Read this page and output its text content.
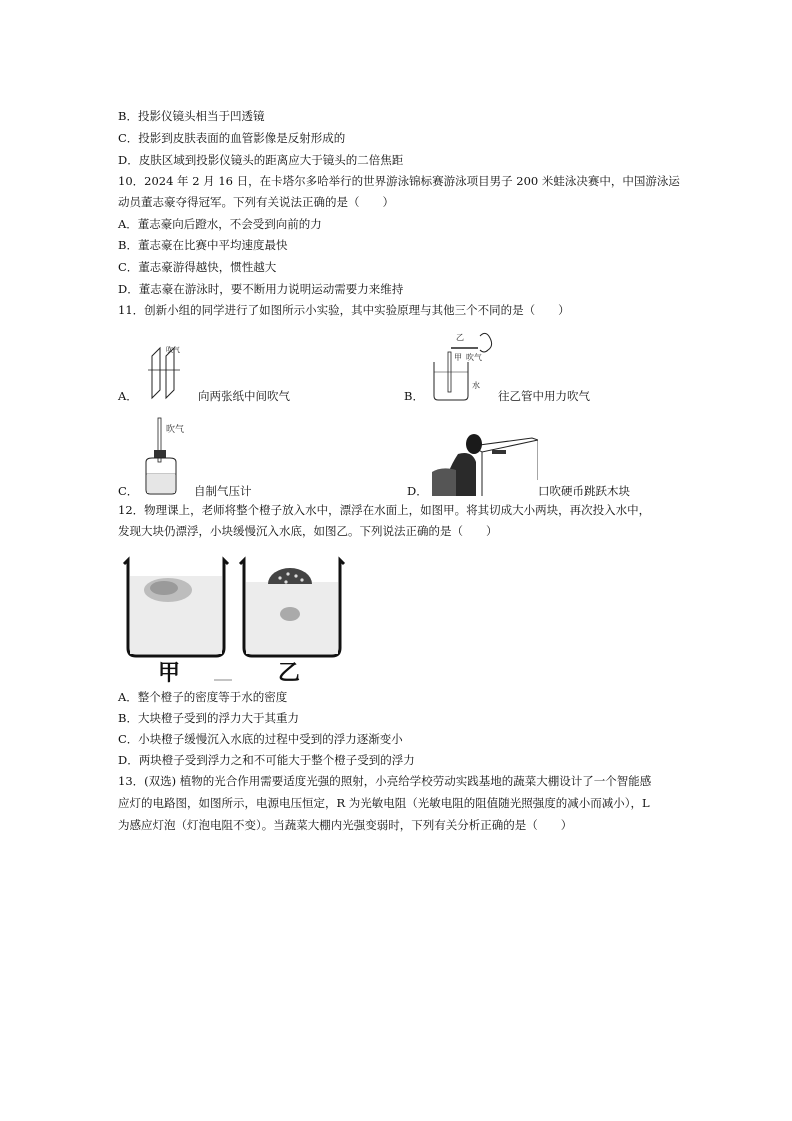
B．投影仪镜头相当于凹透镜
C．投影到皮肤表面的血管影像是反射形成的
D．皮肤区域到投影仪镜头的距离应大于镜头的二倍焦距
10．2024 年 2 月 16 日，在卡塔尔多哈举行的世界游泳锦标赛游泳项目男子 200 米蛙泳决赛中，中国游泳运
动员董志豪夺得冠军。下列有关说法正确的是（　　）
A．董志豪向后蹬水，不会受到向前的力
B．董志豪在比赛中平均速度最快
C．董志豪游得越快，惯性越大
D．董志豪在游泳时，要不断用力说明运动需要力来维持
11．创新小组的同学进行了如图所示小实验，其中实验原理与其他三个不同的是（　　）
吹气
A．	向两张纸中间吹气
乙
甲 吹气
水
B．	往乙管中用力吹气
吹气
C．	自制气压计	D．	口吹硬币跳跃木块
12．物理课上，老师将整个橙子放入水中，漂浮在水面上，如图甲。将其切成大小两块，再次投入水中，
发现大块仍漂浮，小块缓慢沉入水底，如图乙。下列说法正确的是（　　）
甲	乙
A．整个橙子的密度等于水的密度
B．大块橙子受到的浮力大于其重力
C．小块橙子缓慢沉入水底的过程中受到的浮力逐渐变小
D．两块橙子受到浮力之和不可能大于整个橙子受到的浮力
13．(双选) 植物的光合作用需要适度光强的照射，小亮给学校劳动实践基地的蔬菜大棚设计了一个智能感
应灯的电路图，如图所示，电源电压恒定，R 为光敏电阻（光敏电阻的阻值随光照强度的减小而减小），L
为感应灯泡（灯泡电阻不变）。当蔬菜大棚内光强变弱时，下列有关分析正确的是（　　）
